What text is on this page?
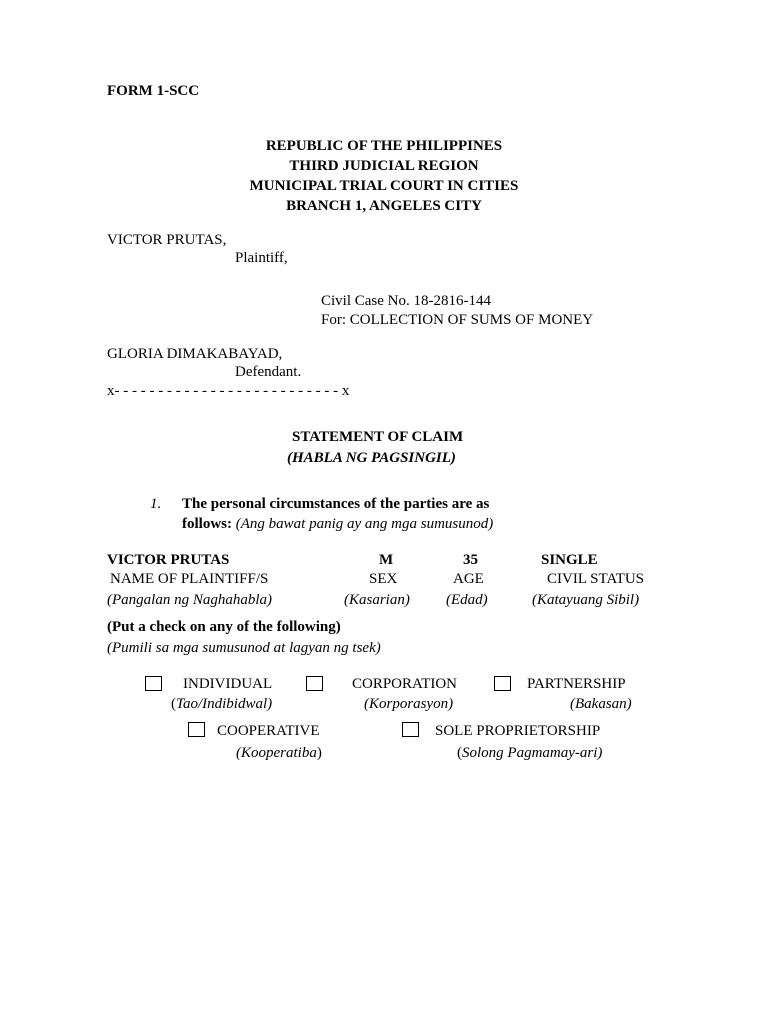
FORM 1-SCC
REPUBLIC OF THE PHILIPPINES
THIRD JUDICIAL REGION
MUNICIPAL TRIAL COURT IN CITIES
BRANCH 1, ANGELES CITY
VICTOR PRUTAS,
Plaintiff,
Civil Case No. 18-2816-144
For: COLLECTION OF SUMS OF MONEY
GLORIA DIMAKABAYAD,
Defendant.
x- - - - - - - - - - - - - - - - - - - - - - - - - - x
STATEMENT OF CLAIM
(HABLA NG PAGSINGIL)
1. The personal circumstances of the parties are as
follows: (Ang bawat panig ay ang mga sumusunod)
VICTOR PRUTAS	M	35	SINGLE
NAME OF PLAINTIFF/S	SEX	AGE	CIVIL STATUS
(Pangalan ng Naghahabla)	(Kasarian) (Edad)	(Katayuang Sibil)
(Put a check on any of the following)
(Pumili sa mga sumusunod at lagyan ng tsek)
INDIVIDUAL
(Tao/Indibidwal)
CORPORATION
(Korporasyon)
PARTNERSHIP
(Bakasan)
COOPERATIVE
(Kooperatiba)
SOLE PROPRIETORSHIP
(Solong Pagmamay-ari)
